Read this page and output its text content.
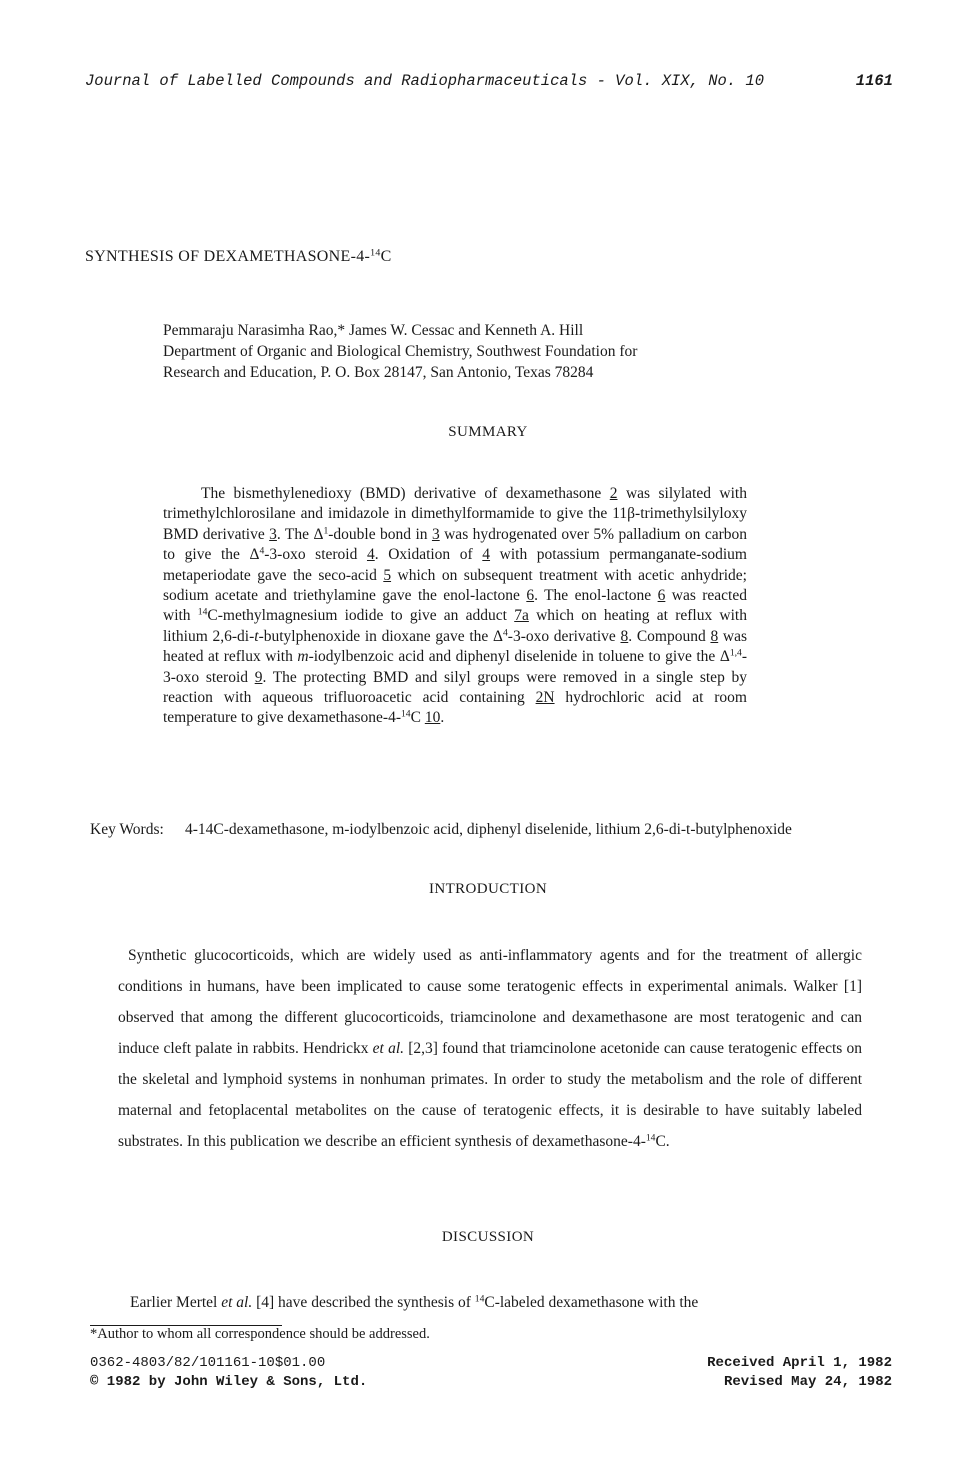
Journal of Labelled Compounds and Radiopharmaceuticals - Vol. XIX, No. 10	1161
SYNTHESIS OF DEXAMETHASONE-4-$^{14}$C
Pemmaraju Narasimha Rao,* James W. Cessac and Kenneth A. Hill
Department of Organic and Biological Chemistry, Southwest Foundation for
Research and Education, P. O. Box 28147, San Antonio, Texas 78284
SUMMARY
The bismethylenedioxy (BMD) derivative of dexamethasone 2 was silylated with trimethylchlorosilane and imidazole in dimethylformamide to give the 11β-trimethylsilyloxy BMD derivative 3. The $\Delta^1$-double bond in 3 was hydrogenated over 5% palladium on carbon to give the $\Delta^4-3$-oxo steroid 4. Oxidation of 4 with potassium permanganate-sodium metaperiodate gave the seco-acid 5 which on subsequent treatment with acetic anhydride; sodium acetate and triethylamine gave the enol-lactone 6. The enol-lactone 6 was reacted with $^{14}$C-methylmagnesium iodide to give an adduct 7a which on heating at reflux with lithium 2,6-di-t-butylphenoxide in dioxane gave the $\Delta^4-3$-oxo derivative 8. Compound 8 was heated at reflux with m-iodylbenzoic acid and diphenyl diselenide in toluene to give the Δ$^{1,4}$-3-oxo steroid 9. The protecting BMD and silyl groups were removed in a single step by reaction with aqueous trifluoroacetic acid containing 2N hydrochloric acid at room temperature to give dexamethasone-4-$^{14}$C 10.
Key Words: 4-14C-dexamethasone, m-iodylbenzoic acid, diphenyl diselenide, lithium 2,6-di-t-butylphenoxide
INTRODUCTION
Synthetic glucocorticoids, which are widely used as anti-inflammatory agents and for the treatment of allergic conditions in humans, have been implicated to cause some teratogenic effects in experimental animals. Walker [1] observed that among the different glucocorticoids, triamcinolone and dexamethasone are most teratogenic and can induce cleft palate in rabbits. Hendrickx et al. [2,3] found that triamcinolone acetonide can cause teratogenic effects on the skeletal and lymphoid systems in nonhuman primates. In order to study the metabolism and the role of different maternal and fetoplacental metabolites on the cause of teratogenic effects, it is desirable to have suitably labeled substrates. In this publication we describe an efficient synthesis of dexamethasone-4-$^{14}$C.
DISCUSSION
Earlier Mertel et al. [4] have described the synthesis of $^{14}$C-labeled dexamethasone with the
*Author to whom all correspondence should be addressed.
0362-4803/82/101161-10$01.00
© 1982 by John Wiley & Sons, Ltd.
Received April 1, 1982
Revised May 24, 1982
